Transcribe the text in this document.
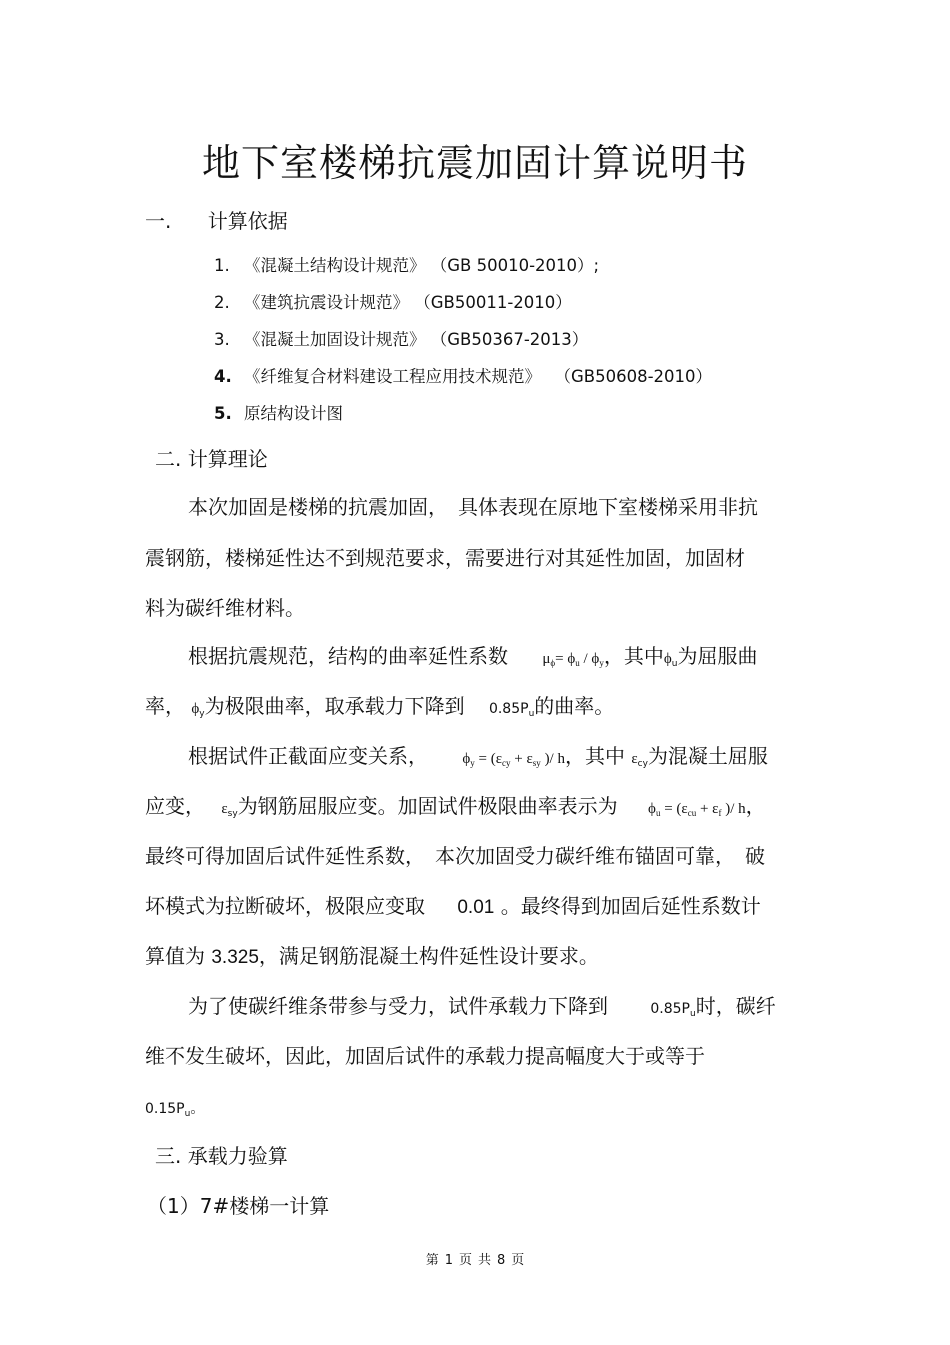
地下室楼梯抗震加固计算说明书
一. 计算依据
1. 《混凝土结构设计规范》 （GB 50010-2010）;
2. 《建筑抗震设计规范》 （GB50011-2010）
3. 《混凝土加固设计规范》 （GB50367-2013）
4. 《纤维复合材料建设工程应用技术规范》 　（GB50608-2010）
5. 原结构设计图
二. 计算理论
本次加固是楼梯的抗震加固，　具体表现在原地下室楼梯采用非抗
震钢筋，楼梯延性达不到规范要求，需要进行对其延性加固，加固材
料为碳纤维材料。
根据抗震规范，结构的曲率延性系数 $\mu_\phi= \phi_u / \phi_y$，其中$\phi_u$为屈服曲
率， $\phi_y$为极限曲率，取承载力下降到 $0.85P_u$的曲率。
根据试件正截面应变关系， $\phi_y = (\varepsilon_{cy} + \varepsilon_{sy}$ )/ h，其中 $\varepsilon_{cy}$为混凝土屈服
应变， $\varepsilon_{sy}$为钢筋屈服应变。加固试件极限曲率表示为 $\phi_u = (\varepsilon_{cu} + \varepsilon_f$ )/ h，
最终可得加固后试件延性系数，　本次加固受力碳纤维布锚固可靠，　破
坏模式为拉断破坏，极限应变取 0.01 。最终得到加固后延性系数计
算值为 3.325，满足钢筋混凝土构件延性设计要求。
为了使碳纤维条带参与受力，试件承载力下降到	$0.85P_u$时，碳纤
维不发生破坏，因此，加固后试件的承载力提高幅度大于或等于
$0.15P_u$。
三. 承载力验算
（1）7#楼梯一计算
第 1 页 共 8 页
